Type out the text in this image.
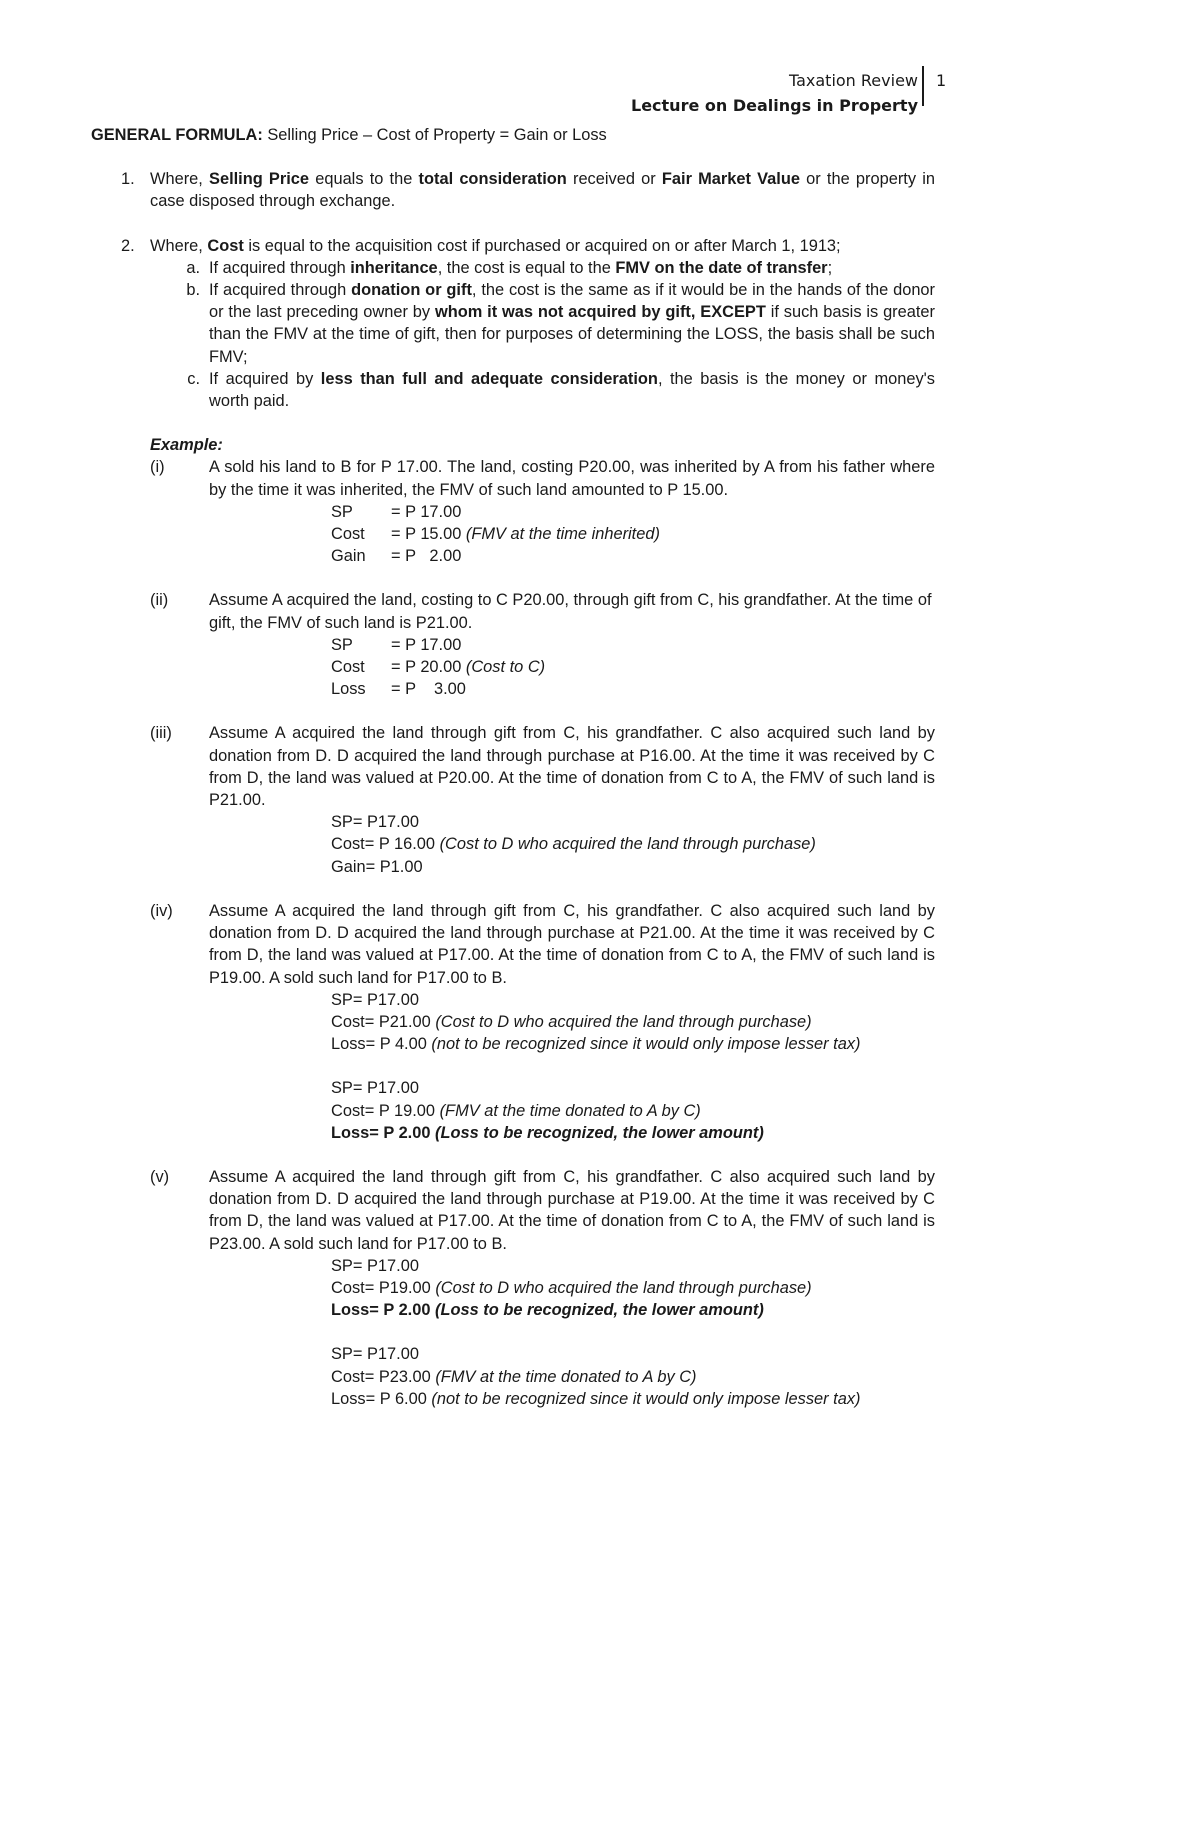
Taxation Review
Lecture on Dealings in Property
1

GENERAL FORMULA: Selling Price – Cost of Property = Gain or Loss

1. Where, Selling Price equals to the total consideration received or Fair Market Value or the property in case disposed through exchange.

2. Where, Cost is equal to the acquisition cost if purchased or acquired on or after March 1, 1913;

a. If acquired through inheritance, the cost is equal to the FMV on the date of transfer;

b. If acquired through donation or gift, the cost is the same as if it would be in the hands of the donor or the last preceding owner by whom it was not acquired by gift, EXCEPT if such basis is greater than the FMV at the time of gift, then for purposes of determining the LOSS, the basis shall be such FMV;

c. If acquired by less than full and adequate consideration, the basis is the money or money's worth paid.

Example:

(i)	A sold his land to B for P 17.00. The land, costing P20.00, was inherited by A from his father where by the time it was inherited, the FMV of such land amounted to P 15.00.

SP	= P 17.00
Cost	= P 15.00 (FMV at the time inherited)
Gain	= P   2.00
(ii)	Assume A acquired the land, costing to C P20.00, through gift from C, his grandfather. At the time of gift, the FMV of such land is P21.00.

SP	= P 17.00
Cost	= P 20.00 (Cost to C)
Loss	= P    3.00
(iii)	Assume A acquired the land through gift from C, his grandfather. C also acquired such land by donation from D. D acquired the land through purchase at P16.00. At the time it was received by C from D, the land was valued at P20.00. At the time of donation from C to A, the FMV of such land is P21.00.

SP= P17.00
Cost= P 16.00 (Cost to D who acquired the land through purchase)
Gain= P1.00
(iv)	Assume A acquired the land through gift from C, his grandfather. C also acquired such land by donation from D. D acquired the land through purchase at P21.00. At the time it was received by C from D, the land was valued at P17.00. At the time of donation from C to A, the FMV of such land is P19.00. A sold such land for P17.00 to B.

SP= P17.00
Cost= P21.00 (Cost to D who acquired the land through purchase)
Loss= P 4.00 (not to be recognized since it would only impose lesser tax)
SP= P17.00
Cost= P 19.00 (FMV at the time donated to A by C)
Loss= P 2.00 (Loss to be recognized, the lower amount)
(v)	Assume A acquired the land through gift from C, his grandfather. C also acquired such land by donation from D. D acquired the land through purchase at P19.00. At the time it was received by C from D, the land was valued at P17.00. At the time of donation from C to A, the FMV of such land is P23.00. A sold such land for P17.00 to B.

SP= P17.00
Cost= P19.00 (Cost to D who acquired the land through purchase)
Loss= P 2.00 (Loss to be recognized, the lower amount)
SP= P17.00
Cost= P23.00 (FMV at the time donated to A by C)
Loss= P 6.00 (not to be recognized since it would only impose lesser tax)
